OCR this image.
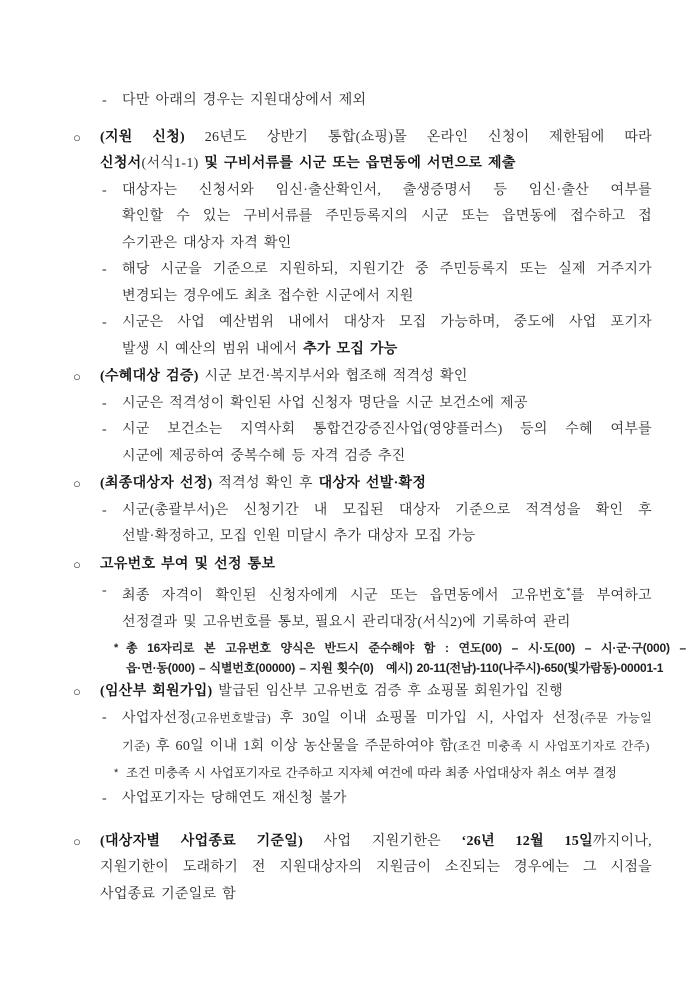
- 다만 아래의 경우는 지원대상에서 제외
○ (지원 신청) 26년도 상반기 통합(쇼핑)몰 온라인 신청이 제한됨에 따라
신청서(서식1-1) 및 구비서류를 시군 또는 읍면동에 서면으로 제출
- 대상자는 신청서와 임신·출산확인서, 출생증명서 등 임신·출산 여부를
확인할 수 있는 구비서류를 주민등록지의 시군 또는 읍면동에 접수하고 접
수기관은 대상자 자격 확인
- 해당 시군을 기준으로 지원하되, 지원기간 중 주민등록지 또는 실제 거주지가
변경되는 경우에도 최초 접수한 시군에서 지원
- 시군은 사업 예산범위 내에서 대상자 모집 가능하며, 중도에 사업 포기자
발생 시 예산의 범위 내에서 추가 모집 가능
○ (수혜대상 검증) 시군 보건·복지부서와 협조해 적격성 확인
- 시군은 적격성이 확인된 사업 신청자 명단을 시군 보건소에 제공
- 시군 보건소는 지역사회 통합건강증진사업(영양플러스) 등의 수혜 여부를
시군에 제공하여 중복수혜 등 자격 검증 추진
○ (최종대상자 선정) 적격성 확인 후 대상자 선발·확정
- 시군(총괄부서)은 신청기간 내 모집된 대상자 기준으로 적격성을 확인 후
선발·확정하고, 모집 인원 미달시 추가 대상자 모집 가능
○ 고유번호 부여 및 선정 통보
- 최종 자격이 확인된 신청자에게 시군 또는 읍면동에서 고유번호*를 부여하고
선정결과 및 고유번호를 통보, 필요시 관리대장(서식2)에 기록하여 관리
* 총 16자리로 본 고유번호 양식은 반드시 준수해야 함 : 연도(00) – 시·도(00) – 시·군·구(000) –
읍·면·동(000) – 식별번호(00000) – 지원 횟수(0)   예시) 20-11(전남)-110(나주시)-650(빛가람동)-00001-1
○ (임산부 회원가입) 발급된 임산부 고유번호 검증 후 쇼핑몰 회원가입 진행
- 사업자선정(고유번호발급) 후 30일 이내 쇼핑몰 미가입 시, 사업자 선정(주문 가능일
기준) 후 60일 이내 1회 이상 농산물을 주문하여야 함(조건 미충족 시 사업포기자로 간주)
* 조건 미충족 시 사업포기자로 간주하고 지자체 여건에 따라 최종 사업대상자 취소 여부 결정
- 사업포기자는 당해연도 재신청 불가
○ (대상자별 사업종료 기준일) 사업 지원기한은 ‘26년 12월 15일까지이나,
지원기한이 도래하기 전 지원대상자의 지원금이 소진되는 경우에는 그 시점을
사업종료 기준일로 함
